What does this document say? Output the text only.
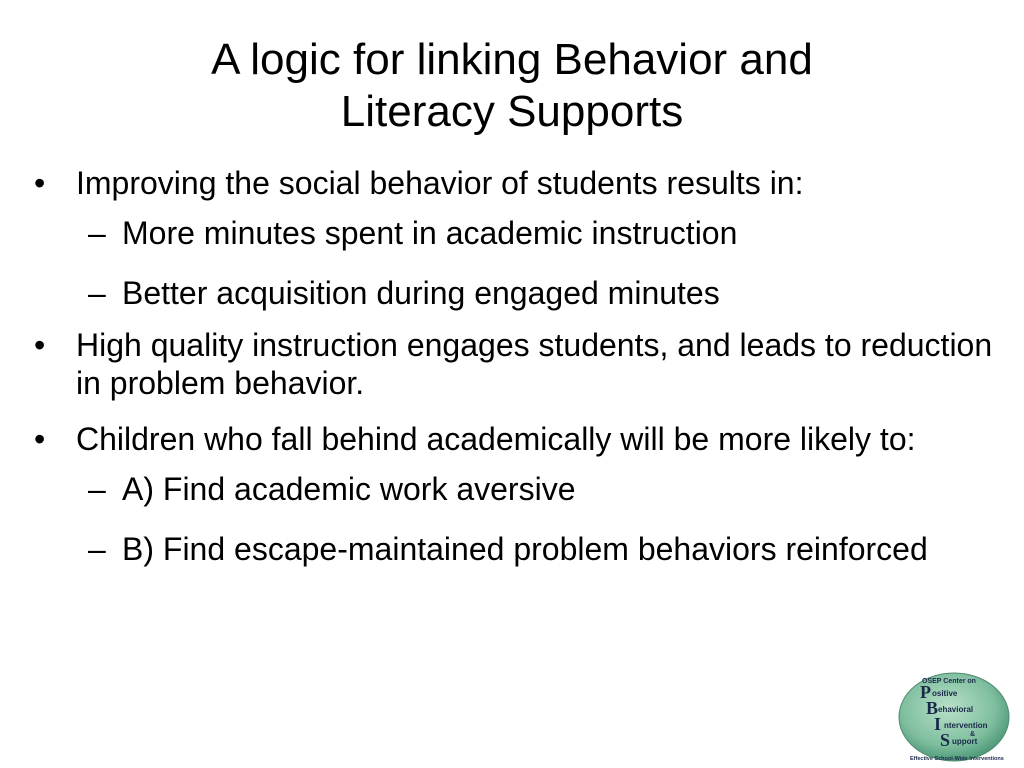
A logic for linking Behavior and
Literacy Supports
• Improving the social behavior of students results in:
– More minutes spent in academic instruction
– Better acquisition during engaged minutes
• High quality instruction engages students, and leads to reduction in problem behavior.
• Children who fall behind academically will be more likely to:
– A) Find academic work aversive
– B) Find escape-maintained problem behaviors reinforced
OSEP Center on
P ositive
B ehavioral
I ntervention
&
S upport
Effective School-Wide Interventions
